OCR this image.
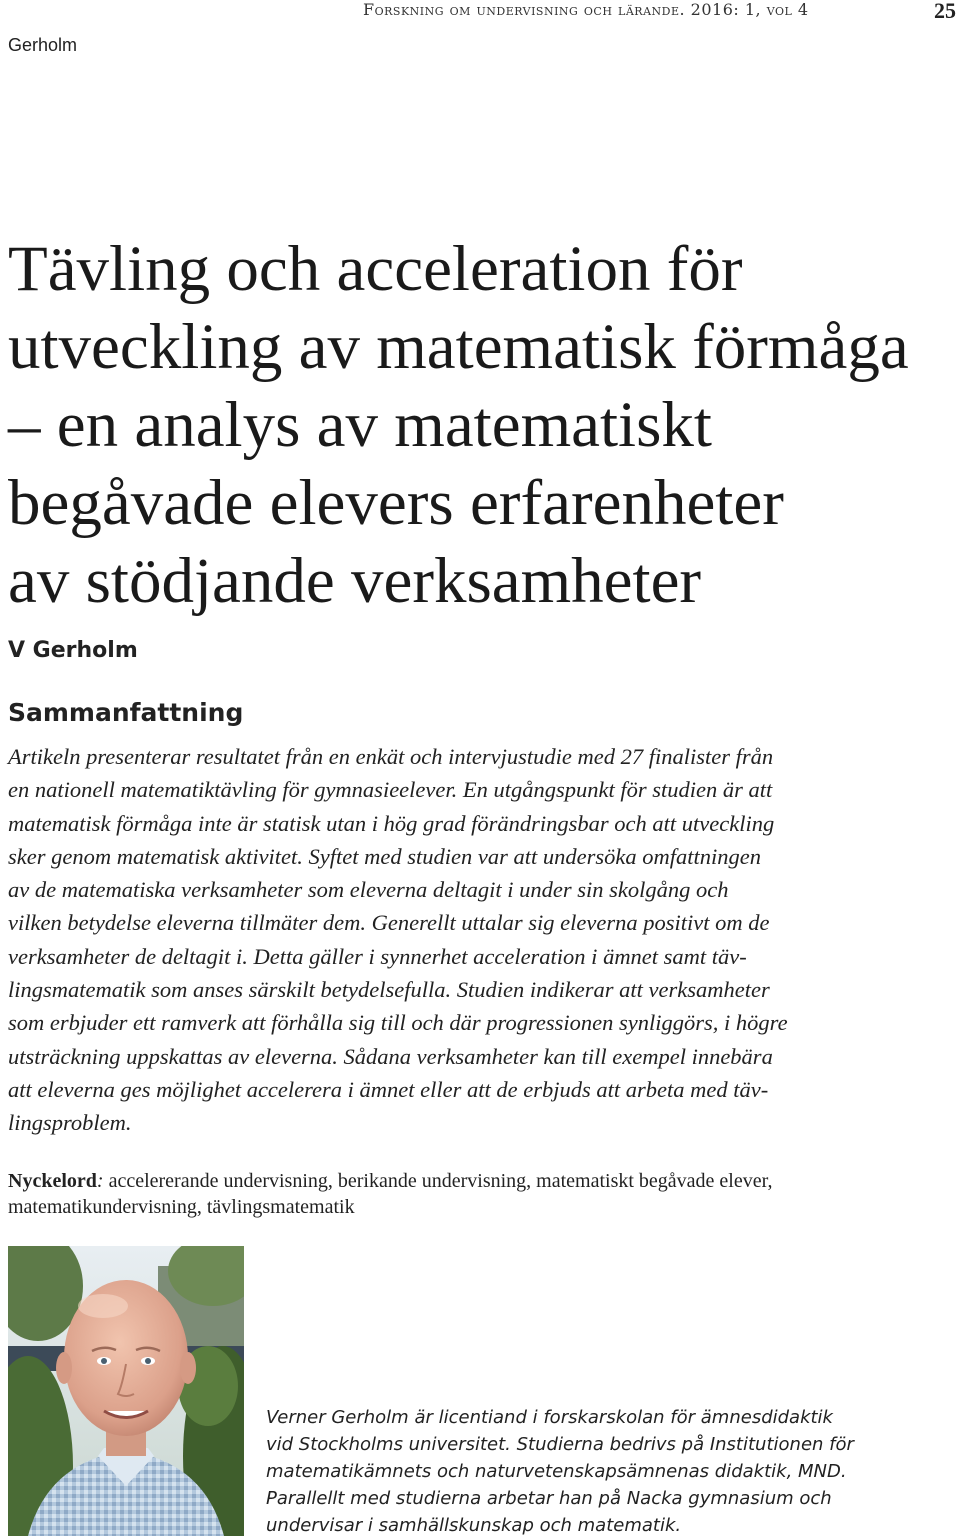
Forskning om undervisning och lärande. 2016: 1, vol 4	25
Gerholm
Tävling och acceleration för
utveckling av matematisk förmåga
– en analys av matematiskt
begåvade elevers erfarenheter
av stödjande verksamheter
V Gerholm
Sammanfattning
Artikeln presenterar resultatet från en enkät och intervjustudie med 27 finalister från
en nationell matematiktävling för gymnasieelever. En utgångspunkt för studien är att
matematisk förmåga inte är statisk utan i hög grad förändringsbar och att utveckling
sker genom matematisk aktivitet. Syftet med studien var att undersöka omfattningen
av de matematiska verksamheter som eleverna deltagit i under sin skolgång och
vilken betydelse eleverna tillmäter dem. Generellt uttalar sig eleverna positivt om de
verksamheter de deltagit i. Detta gäller i synnerhet acceleration i ämnet samt täv-
lingsmatematik som anses särskilt betydelsefulla. Studien indikerar att verksamheter
som erbjuder ett ramverk att förhålla sig till och där progressionen synliggörs, i högre
utsträckning uppskattas av eleverna. Sådana verksamheter kan till exempel innebära
att eleverna ges möjlighet accelerera i ämnet eller att de erbjuds att arbeta med täv-
lingsproblem.
Nyckelord: accelererande undervisning, berikande undervisning, matematiskt begåvade elever,
matematikundervisning, tävlingsmatematik
Verner Gerholm är licentiand i forskarskolan för ämnesdidaktik
vid Stockholms universitet. Studierna bedrivs på Institutionen för
matematikämnets och naturvetenskapsämnenas didaktik, MND.
Parallellt med studierna arbetar han på Nacka gymnasium och
undervisar i samhällskunskap och matematik.
